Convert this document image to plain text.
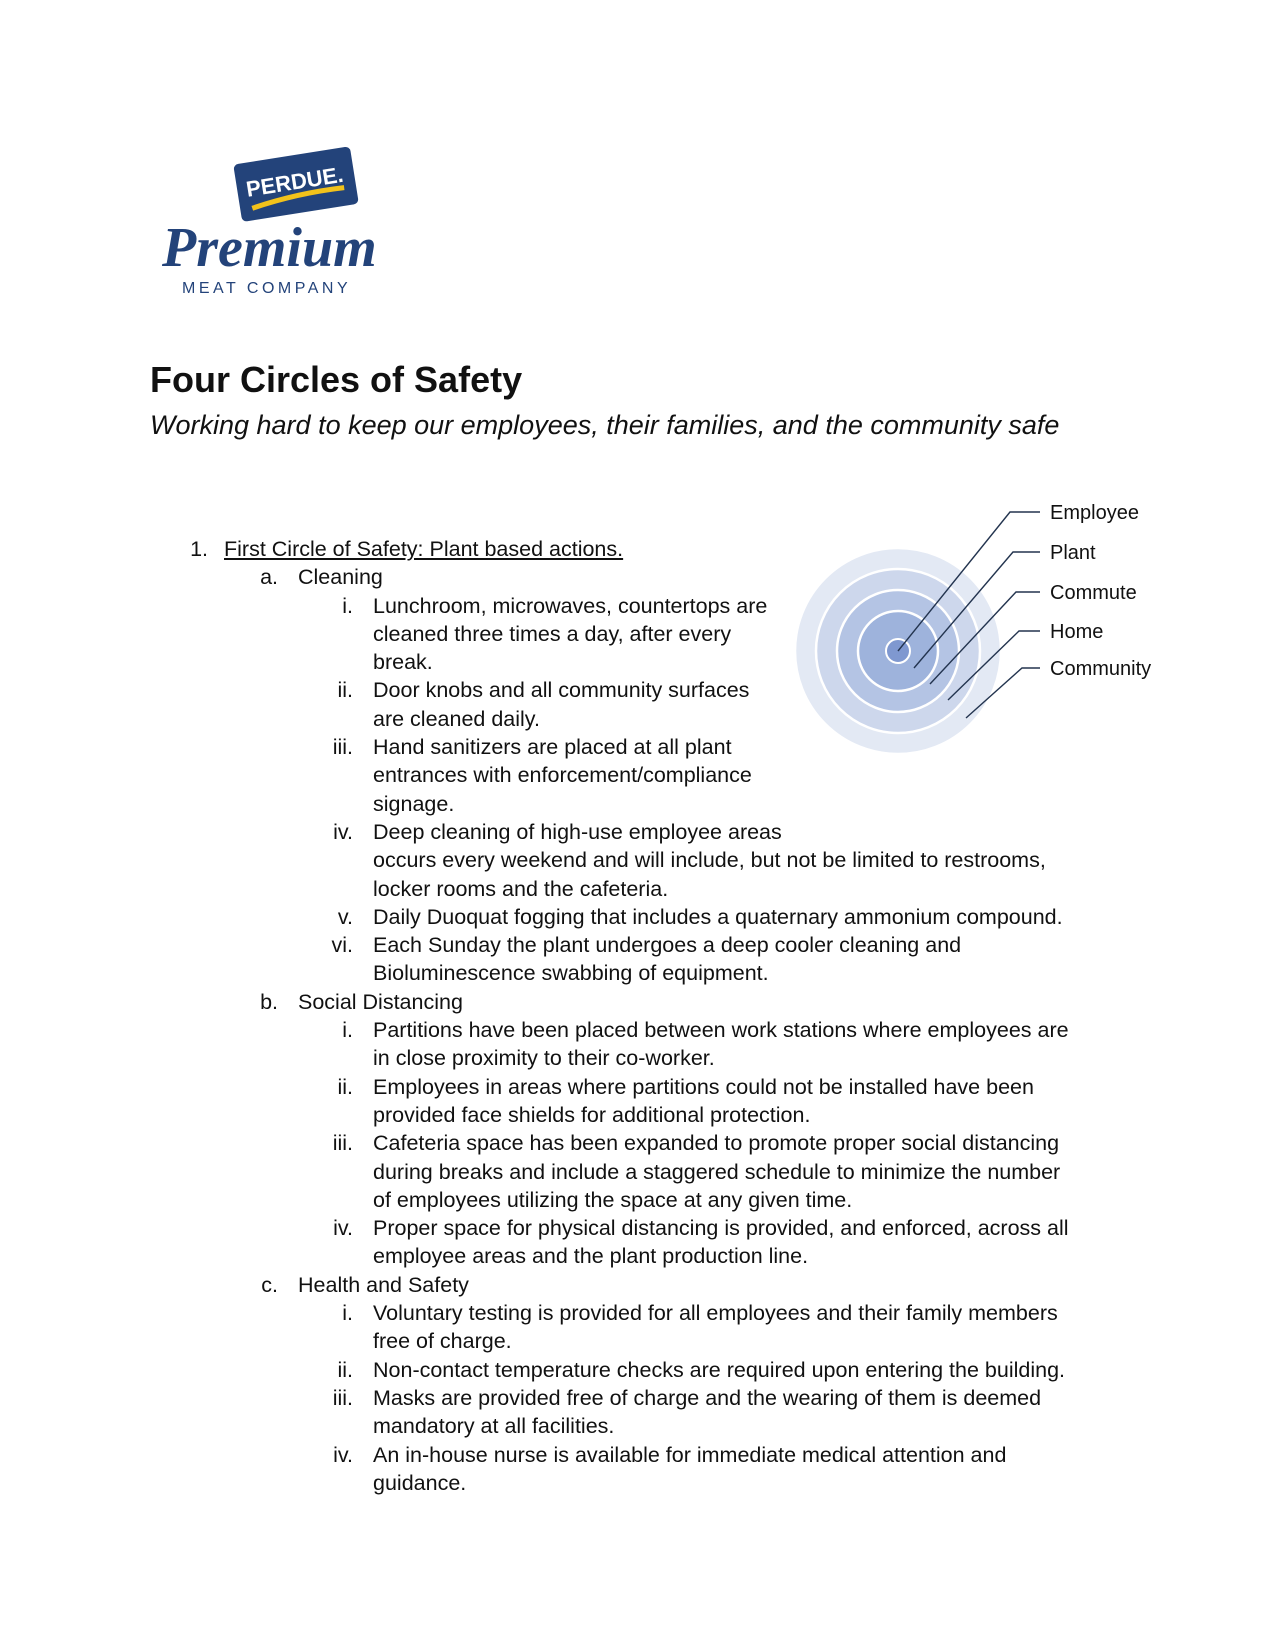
PERDUE.
Premium
MEAT COMPANY
Four Circles of Safety

Working hard to keep our employees, their families, and the community safe

Employee
Plant
Commute
Home
Community
1. First Circle of Safety: Plant based actions.
a. Cleaning
i. Lunchroom, microwaves, countertops are
cleaned three times a day, after every
break.
ii. Door knobs and all community surfaces
are cleaned daily.
iii. Hand sanitizers are placed at all plant
entrances with enforcement/compliance
signage.
iv. Deep cleaning of high-use employee areas
occurs every weekend and will include, but not be limited to restrooms,
locker rooms and the cafeteria.
v. Daily Duoquat fogging that includes a quaternary ammonium compound.
vi. Each Sunday the plant undergoes a deep cooler cleaning and
Bioluminescence swabbing of equipment.
b. Social Distancing
i. Partitions have been placed between work stations where employees are
in close proximity to their co-worker.
ii. Employees in areas where partitions could not be installed have been
provided face shields for additional protection.
iii. Cafeteria space has been expanded to promote proper social distancing
during breaks and include a staggered schedule to minimize the number
of employees utilizing the space at any given time.
iv. Proper space for physical distancing is provided, and enforced, across all
employee areas and the plant production line.
c. Health and Safety
i. Voluntary testing is provided for all employees and their family members
free of charge.
ii. Non-contact temperature checks are required upon entering the building.
iii. Masks are provided free of charge and the wearing of them is deemed
mandatory at all facilities.
iv. An in-house nurse is available for immediate medical attention and
guidance.
